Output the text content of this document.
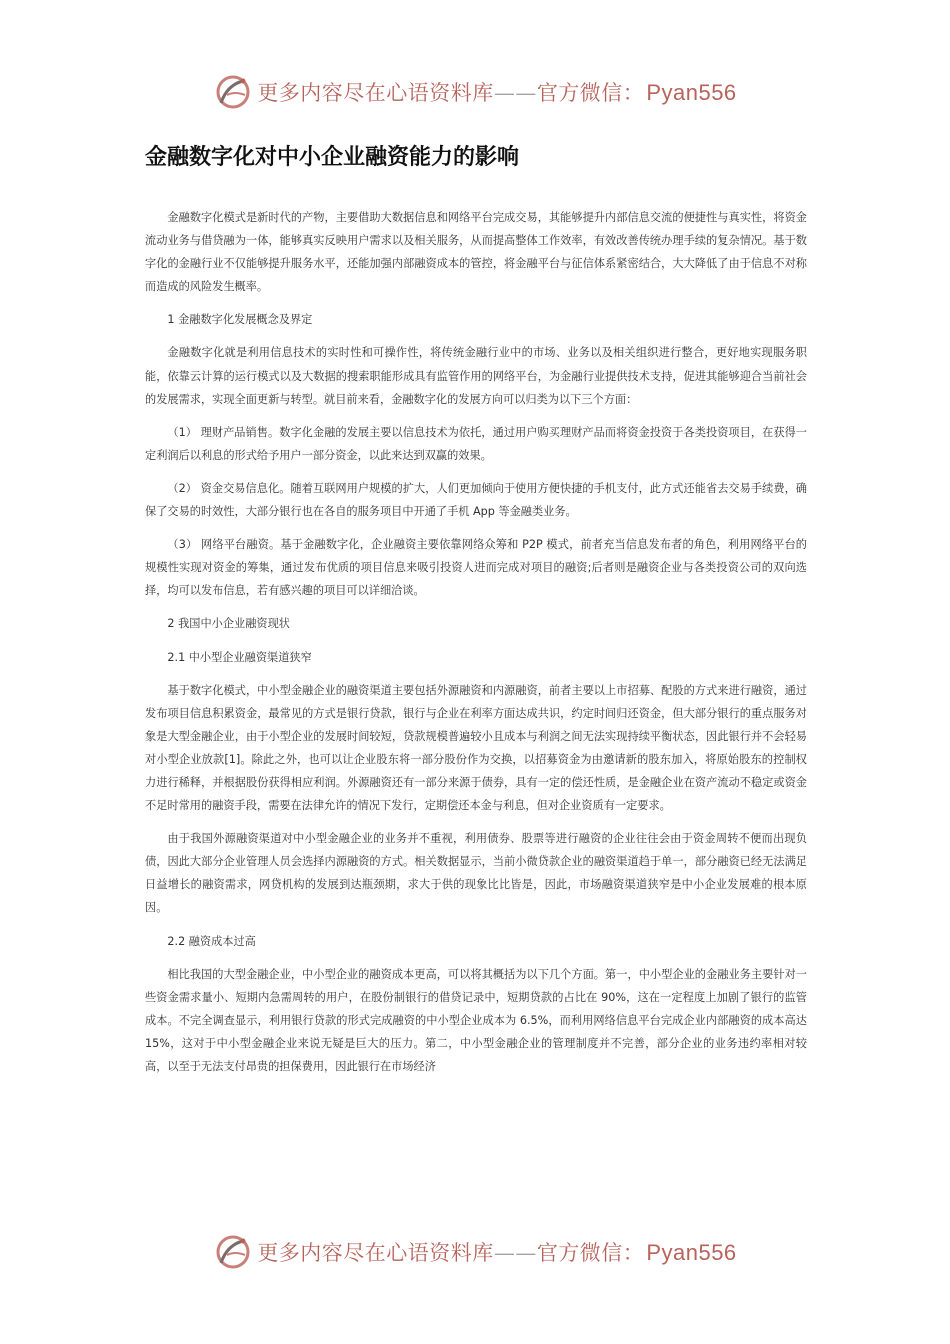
更多内容尽在心语资料库——官方微信：Pyan556
金融数字化对中小企业融资能力的影响

金融数字化模式是新时代的产物，主要借助大数据信息和网络平台完成交易，其能够提升内部信息交流的便捷性与真实性，将资金流动业务与借贷融为一体，能够真实反映用户需求以及相关服务，从而提高整体工作效率，有效改善传统办理手续的复杂情况。基于数字化的金融行业不仅能够提升服务水平，还能加强内部融资成本的管控，将金融平台与征信体系紧密结合，大大降低了由于信息不对称而造成的风险发生概率。

1 金融数字化发展概念及界定

金融数字化就是利用信息技术的实时性和可操作性，将传统金融行业中的市场、业务以及相关组织进行整合，更好地实现服务职能，依靠云计算的运行模式以及大数据的搜索职能形成具有监管作用的网络平台，为金融行业提供技术支持，促进其能够迎合当前社会的发展需求，实现全面更新与转型。就目前来看，金融数字化的发展方向可以归类为以下三个方面：

（1） 理财产品销售。数字化金融的发展主要以信息技术为依托，通过用户购买理财产品而将资金投资于各类投资项目，在获得一定利润后以利息的形式给予用户一部分资金，以此来达到双赢的效果。

（2） 资金交易信息化。随着互联网用户规模的扩大，人们更加倾向于使用方便快捷的手机支付，此方式还能省去交易手续费，确保了交易的时效性，大部分银行也在各自的服务项目中开通了手机 App 等金融类业务。

（3） 网络平台融资。基于金融数字化，企业融资主要依靠网络众筹和 P2P 模式，前者充当信息发布者的角色，利用网络平台的规模性实现对资金的筹集，通过发布优质的项目信息来吸引投资人进而完成对项目的融资;后者则是融资企业与各类投资公司的双向选择，均可以发布信息，若有感兴趣的项目可以详细洽谈。

2 我国中小企业融资现状

2.1 中小型企业融资渠道狭窄

基于数字化模式，中小型金融企业的融资渠道主要包括外源融资和内源融资，前者主要以上市招募、配股的方式来进行融资，通过发布项目信息积累资金，最常见的方式是银行贷款，银行与企业在利率方面达成共识，约定时间归还资金，但大部分银行的重点服务对象是大型金融企业，由于小型企业的发展时间较短，贷款规模普遍较小且成本与利润之间无法实现持续平衡状态，因此银行并不会轻易对小型企业放款[1]。除此之外，也可以让企业股东将一部分股份作为交换，以招募资金为由邀请新的股东加入，将原始股东的控制权力进行稀释，并根据股份获得相应利润。外源融资还有一部分来源于债券，具有一定的偿还性质，是金融企业在资产流动不稳定或资金不足时常用的融资手段，需要在法律允许的情况下发行，定期偿还本金与利息，但对企业资质有一定要求。

由于我国外源融资渠道对中小型金融企业的业务并不重视，利用债券、股票等进行融资的企业往往会由于资金周转不便而出现负债，因此大部分企业管理人员会选择内源融资的方式。相关数据显示，当前小微贷款企业的融资渠道趋于单一，部分融资已经无法满足日益增长的融资需求，网贷机构的发展到达瓶颈期，求大于供的现象比比皆是，因此，市场融资渠道狭窄是中小企业发展难的根本原因。

2.2 融资成本过高

相比我国的大型金融企业，中小型企业的融资成本更高，可以将其概括为以下几个方面。第一，中小型企业的金融业务主要针对一些资金需求量小、短期内急需周转的用户，在股份制银行的借贷记录中，短期贷款的占比在 90%，这在一定程度上加剧了银行的监管成本。不完全调查显示，利用银行贷款的形式完成融资的中小型企业成本为 6.5%，而利用网络信息平台完成企业内部融资的成本高达 15%，这对于中小型金融企业来说无疑是巨大的压力。第二，中小型金融企业的管理制度并不完善，部分企业的业务违约率相对较高，以至于无法支付昂贵的担保费用，因此银行在市场经济

更多内容尽在心语资料库——官方微信：Pyan556
